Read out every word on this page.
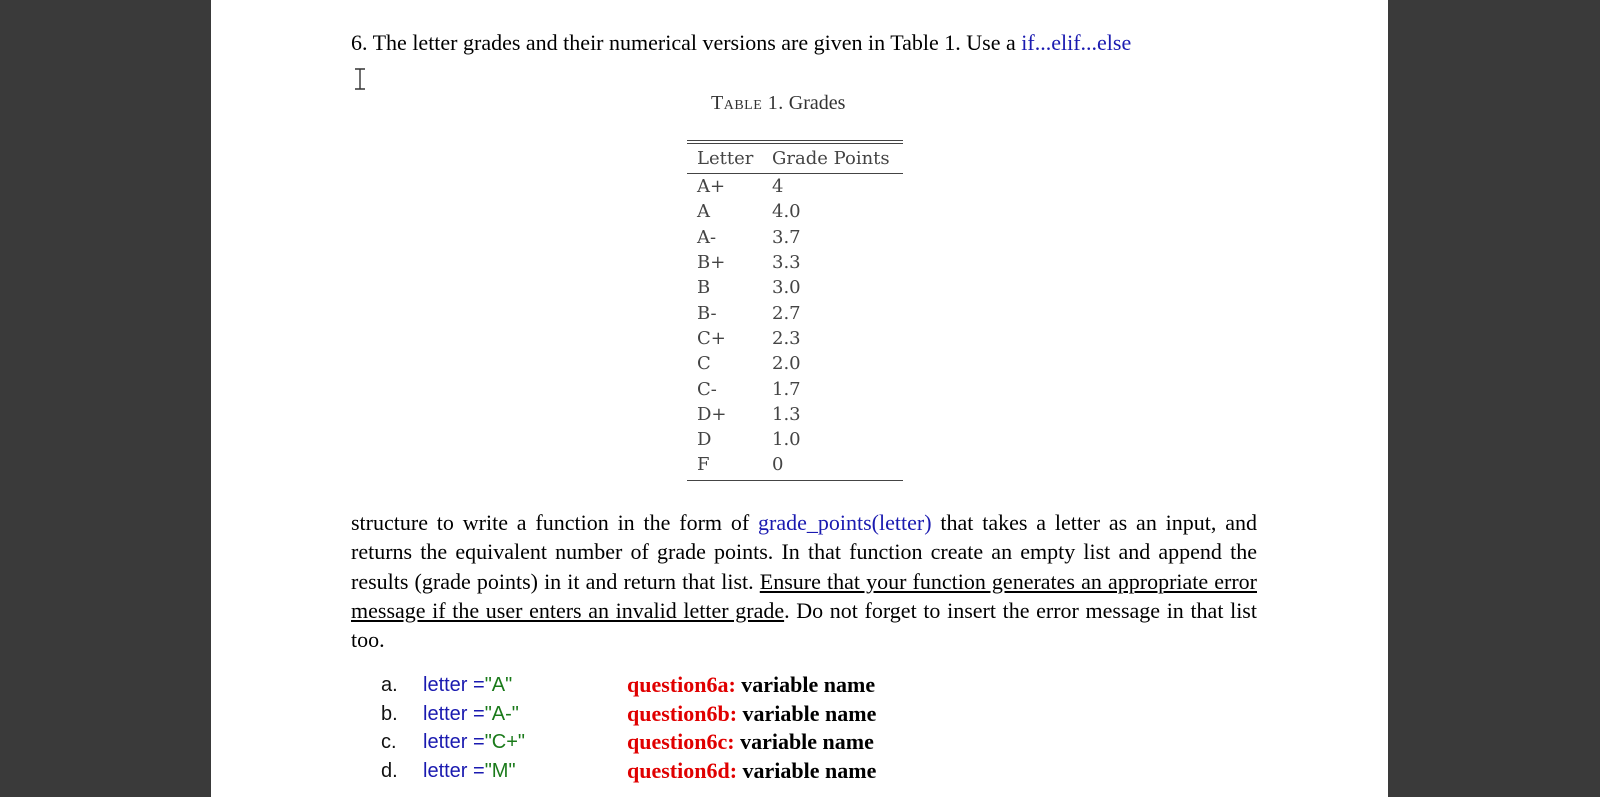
6. The letter grades and their numerical versions are given in Table 1. Use a if...elif...else
Table 1. Grades
Letter	Grade Points
A+	4
A	4.0
A-	3.7
B+	3.3
B	3.0
B-	2.7
C+	2.3
C	2.0
C-	1.7
D+	1.3
D	1.0
F	0
structure to write a function in the form of grade_points(letter) that takes a letter as an input, and returns the equivalent number of grade points. In that function create an empty list and append the results (grade points) in it and return that list. Ensure that your function generates an appropriate error message if the user enters an invalid letter grade. Do not forget to insert the error message in that list too.
a. letter ="A"	question6a: variable name
b. letter ="A-"	question6b: variable name
c. letter ="C+"	question6c: variable name
d. letter ="M"	question6d: variable name
